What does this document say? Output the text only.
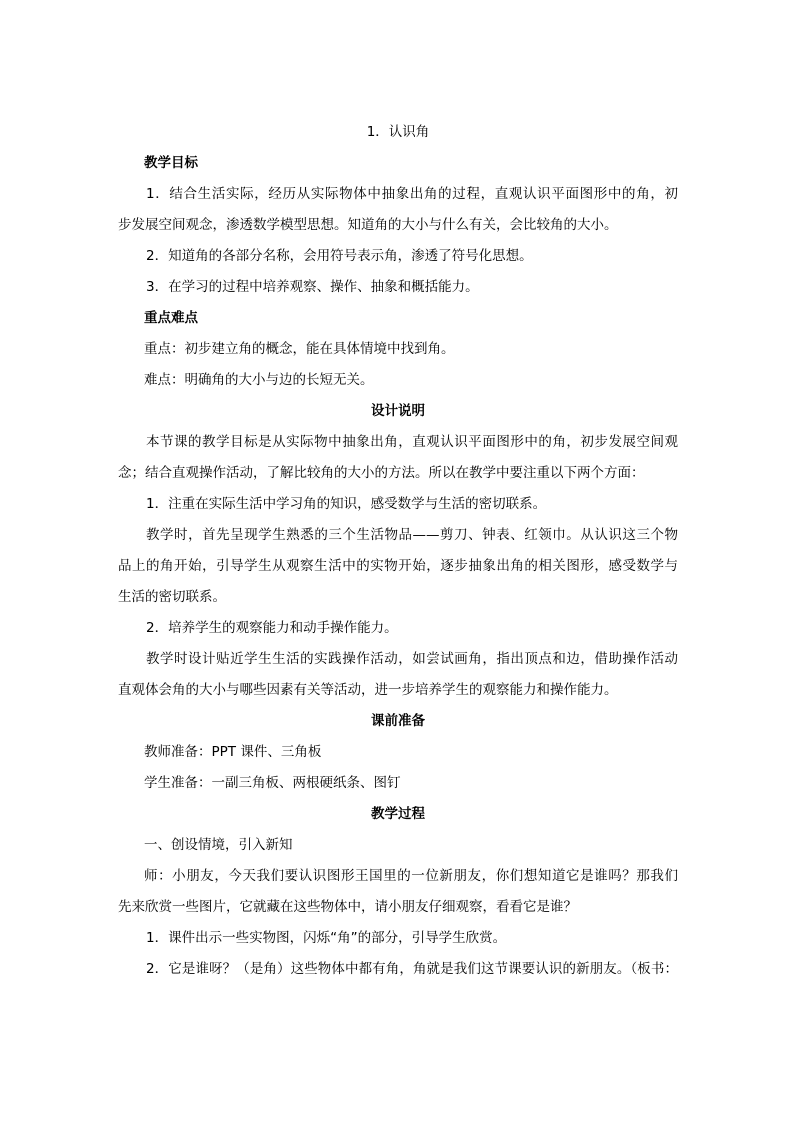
1．认识角
教学目标
1．结合生活实际，经历从实际物体中抽象出角的过程，直观认识平面图形中的角，初
步发展空间观念，渗透数学模型思想。知道角的大小与什么有关，会比较角的大小。
2．知道角的各部分名称，会用符号表示角，渗透了符号化思想。
3．在学习的过程中培养观察、操作、抽象和概括能力。
重点难点
重点：初步建立角的概念，能在具体情境中找到角。
难点：明确角的大小与边的长短无关。
设计说明
本节课的教学目标是从实际物中抽象出角，直观认识平面图形中的角，初步发展空间观
念；结合直观操作活动，了解比较角的大小的方法。所以在教学中要注重以下两个方面：
1．注重在实际生活中学习角的知识，感受数学与生活的密切联系。
教学时，首先呈现学生熟悉的三个生活物品——剪刀、钟表、红领巾。从认识这三个物
品上的角开始，引导学生从观察生活中的实物开始，逐步抽象出角的相关图形，感受数学与
生活的密切联系。
2．培养学生的观察能力和动手操作能力。
教学时设计贴近学生生活的实践操作活动，如尝试画角，指出顶点和边，借助操作活动
直观体会角的大小与哪些因素有关等活动，进一步培养学生的观察能力和操作能力。
课前准备
教师准备：PPT 课件、三角板
学生准备：一副三角板、两根硬纸条、图钉
教学过程
一、创设情境，引入新知
师：小朋友，今天我们要认识图形王国里的一位新朋友，你们想知道它是谁吗？那我们
先来欣赏一些图片，它就藏在这些物体中，请小朋友仔细观察，看看它是谁？
1．课件出示一些实物图，闪烁“角”的部分，引导学生欣赏。
2．它是谁呀？（是角）这些物体中都有角，角就是我们这节课要认识的新朋友。（板书：
